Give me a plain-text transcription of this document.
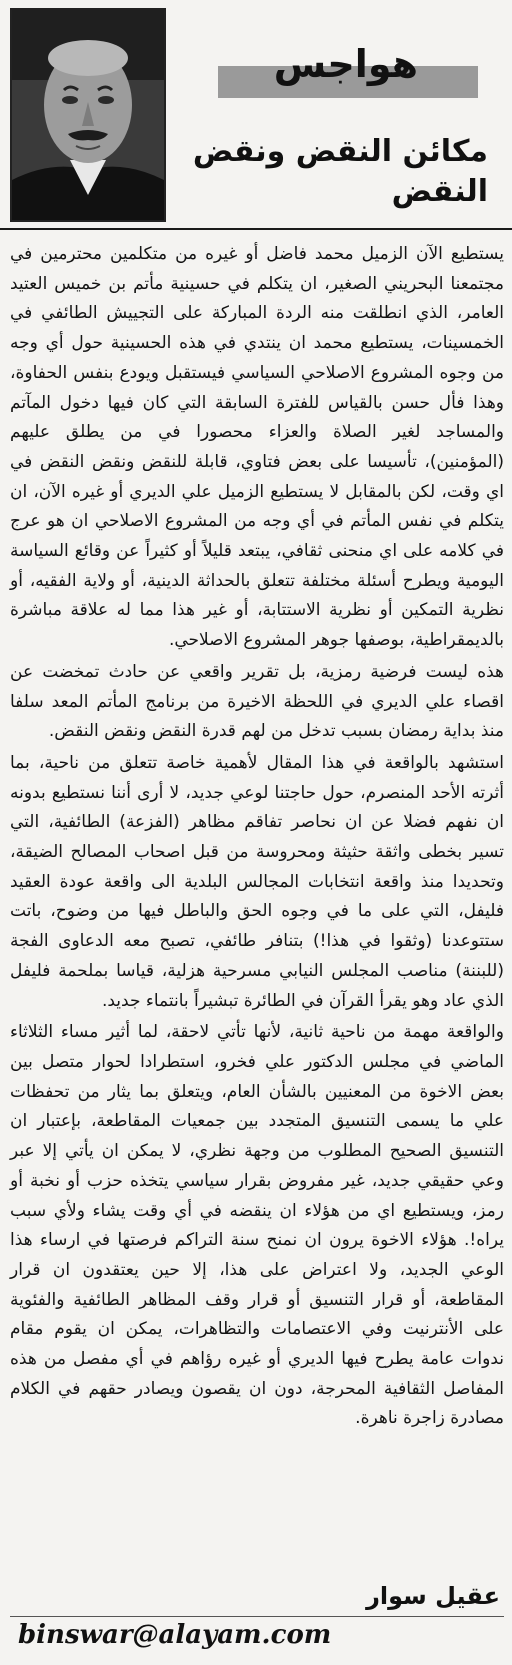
هواجس
مكائن النقض ونقض النقض

يستطيع الآن الزميل محمد فاضل أو غيره من متكلمين محترمين في مجتمعنا البحريني الصغير، ان يتكلم في حسينية مأتم بن خميس العتيد العامر، الذي انطلقت منه الردة المباركة على التجييش الطائفي في الخمسينات، يستطيع محمد ان ينتدي في هذه الحسينية حول أي وجه من وجوه المشروع الاصلاحي السياسي فيستقبل ويودع بنفس الحفاوة، وهذا فأل حسن بالقياس للفترة السابقة التي كان فيها دخول المآتم والمساجد لغير الصلاة والعزاء محصورا في من يطلق عليهم (المؤمنين)، تأسيسا على بعض فتاوي، قابلة للنقض ونقض النقض في اي وقت، لكن بالمقابل لا يستطيع الزميل علي الديري أو غيره الآن، ان يتكلم في نفس المأتم في أي وجه من المشروع الاصلاحي ان هو عرج في كلامه على اي منحنى ثقافي، يبتعد قليلاً أو كثيراً عن وقائع السياسة اليومية ويطرح أسئلة مختلفة تتعلق بالحداثة الدينية، أو ولاية الفقيه، أو نظرية التمكين أو نظرية الاستتابة، أو غير هذا مما له علاقة مباشرة بالديمقراطية، بوصفها جوهر المشروع الاصلاحي.

هذه ليست فرضية رمزية، بل تقرير واقعي عن حادث تمخضت عن اقصاء علي الديري في اللحظة الاخيرة من برنامج المأتم المعد سلفا منذ بداية رمضان بسبب تدخل من لهم قدرة النقض ونقض النقض.

استشهد بالواقعة في هذا المقال لأهمية خاصة تتعلق من ناحية، بما أثرته الأحد المنصرم، حول حاجتنا لوعي جديد، لا أرى أننا نستطيع بدونه ان نفهم فضلا عن ان نحاصر تفاقم مظاهر (الفزعة) الطائفية، التي تسير بخطى واثقة حثيثة ومحروسة من قبل اصحاب المصالح الضيقة، وتحديدا منذ واقعة انتخابات المجالس البلدية الى واقعة عودة العقيد فليفل، التي على ما في وجوه الحق والباطل فيها من وضوح، باتت ستتوعدنا (وثقوا في هذا!) بتنافر طائفي، تصبح معه الدعاوى الفجة (للبننة) مناصب المجلس النيابي مسرحية هزلية، قياسا بملحمة فليفل الذي عاد وهو يقرأ القرآن في الطائرة تبشيراً بانتماء جديد.

والواقعة مهمة من ناحية ثانية، لأنها تأتي لاحقة، لما أثير مساء الثلاثاء الماضي في مجلس الدكتور علي فخرو، استطرادا لحوار متصل بين بعض الاخوة من المعنيين بالشأن العام، ويتعلق بما يثار من تحفظات علي ما يسمى التنسيق المتجدد بين جمعيات المقاطعة، بإعتبار ان التنسيق الصحيح المطلوب من وجهة نظري، لا يمكن ان يأتي إلا عبر وعي حقيقي جديد، غير مفروض بقرار سياسي يتخذه حزب أو نخبة أو رمز، ويستطيع اي من هؤلاء ان ينقضه في أي وقت يشاء ولأي سبب يراه!. هؤلاء الاخوة يرون ان نمنح سنة التراكم فرصتها في ارساء هذا الوعي الجديد، ولا اعتراض على هذا، إلا حين يعتقدون ان قرار المقاطعة، أو قرار التنسيق أو قرار وقف المظاهر الطائفية والفئوية على الأنترنيت وفي الاعتصامات والتظاهرات، يمكن ان يقوم مقام ندوات عامة يطرح فيها الديري أو غيره رؤاهم في أي مفصل من هذه المفاصل الثقافية المحرجة، دون ان يقصون ويصادر حقهم في الكلام مصادرة زاجرة ناهرة.

عقيل سوار
binswar@alayam.com
